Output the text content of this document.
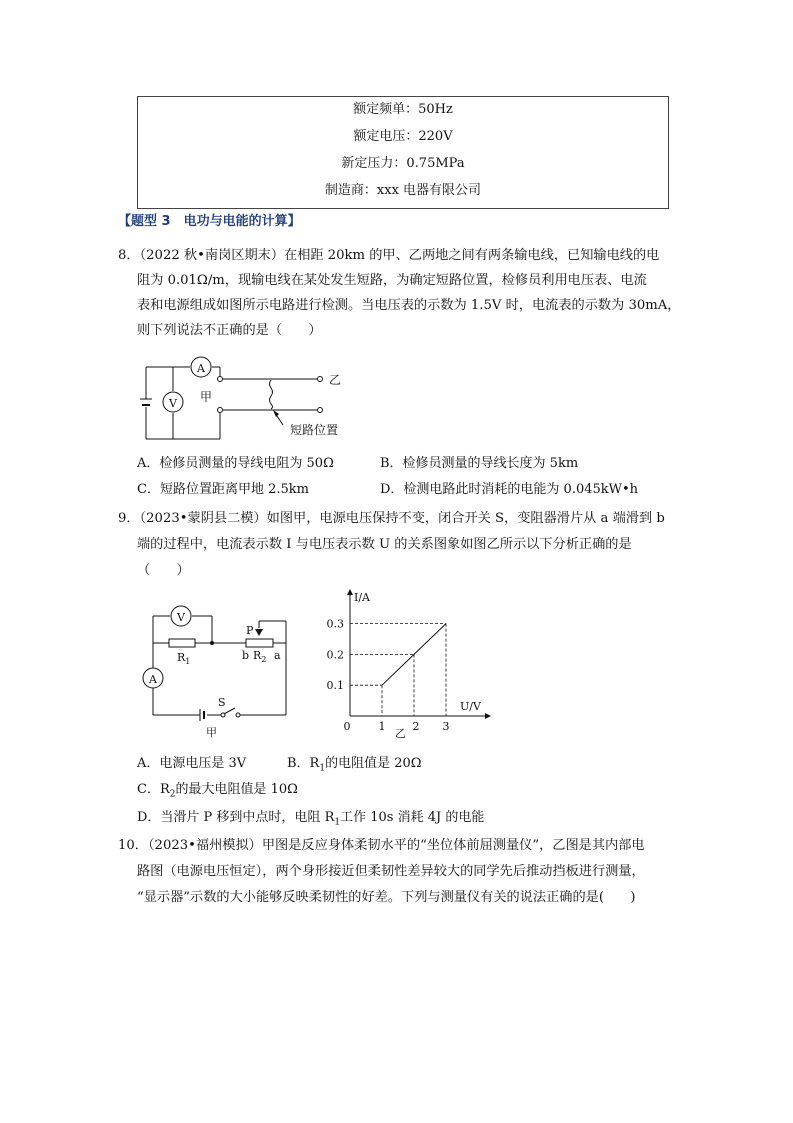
额定频单：50Hz
额定电压：220V
新定压力：0.75MPa
制造商：xxx 电器有限公司
【题型 3　电功与电能的计算】
8．（2022 秋•南岗区期末）在相距 20km 的甲、乙两地之间有两条输电线，已知输电线的电
阻为 0.01Ω/m，现输电线在某处发生短路，为确定短路位置，检修员利用电压表、电流
表和电源组成如图所示电路进行检测。当电压表的示数为 1.5V 时，电流表的示数为 30mA，
则下列说法不正确的是（　　）
A
V 甲
乙
短路位置
A．检修员测量的导线电阻为 50Ω	B．检修员测量的导线长度为 5km
C．短路位置距离甲地 2.5km	D．检测电路此时消耗的电能为 0.045kW•h
9．（2023•蒙阴县二模）如图甲，电源电压保持不变，闭合开关 S，变阻器滑片从 a 端滑到 b
端的过程中，电流表示数 I 与电压表示数 U 的关系图象如图乙所示以下分析正确的是
（　　）
V
A
P
$R_1$	b $R_2$ a
S
甲	0	1 2 3
0.1
0.2
0.3
I/A
U/V
乙
A．电源电压是 3V	B．$R_1$的电阻值是 20Ω
C．$R_2$的最大电阻值是 10Ω
D．当滑片 P 移到中点时，电阻 $R_1$工作 10s 消耗 4J 的电能
10．（2023•福州模拟）甲图是反应身体柔韧水平的“坐位体前屈测量仪”，乙图是其内部电
路图（电源电压恒定），两个身形接近但柔韧性差异较大的同学先后推动挡板进行测量，
“显示器”示数的大小能够反映柔韧性的好差。下列与测量仪有关的说法正确的是(　　)
